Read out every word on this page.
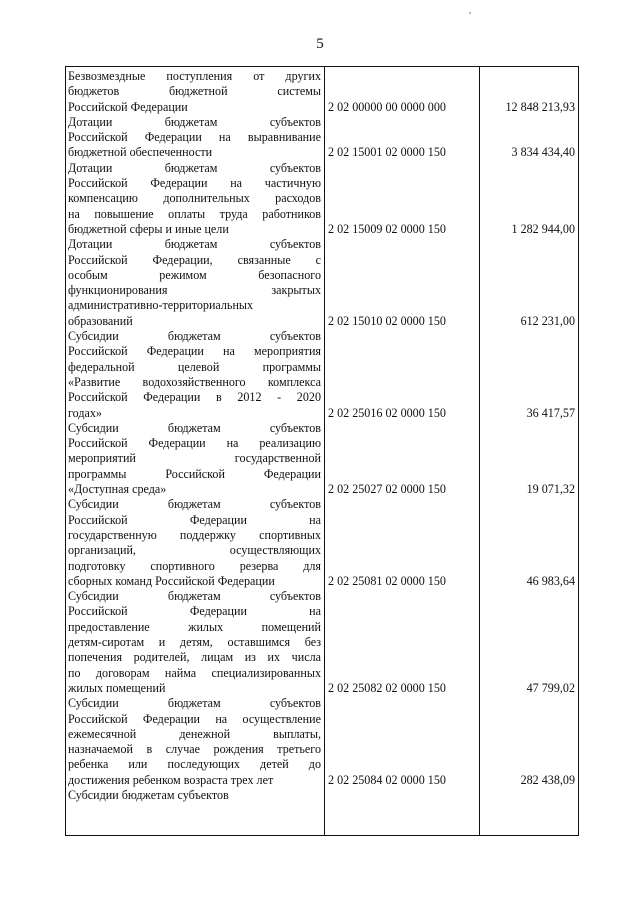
5
Безвозмездные поступления от других
бюджетов бюджетной системы
Российской Федерации	2 02 00000 00 0000 000	12 848 213,93
Дотации бюджетам субъектов
Российской Федерации на выравнивание
бюджетной обеспеченности	2 02 15001 02 0000 150	3 834 434,40
Дотации бюджетам субъектов
Российской Федерации на частичную
компенсацию дополнительных расходов
на повышение оплаты труда работников
бюджетной сферы и иные цели	2 02 15009 02 0000 150	1 282 944,00
Дотации бюджетам субъектов
Российской Федерации, связанные с
особым режимом безопасного
функционирования закрытых
административно-территориальных
образований	2 02 15010 02 0000 150	612 231,00
Субсидии бюджетам субъектов
Российской Федерации на мероприятия
федеральной целевой программы
«Развитие водохозяйственного комплекса
Российской Федерации в 2012 - 2020
годах»	2 02 25016 02 0000 150	36 417,57
Субсидии бюджетам субъектов
Российской Федерации на реализацию
мероприятий государственной
программы Российской Федерации
«Доступная среда»	2 02 25027 02 0000 150	19 071,32
Субсидии бюджетам субъектов
Российской Федерации на
государственную поддержку спортивных
организаций, осуществляющих
подготовку спортивного резерва для
сборных команд Российской Федерации	2 02 25081 02 0000 150	46 983,64
Субсидии бюджетам субъектов
Российской Федерации на
предоставление жилых помещений
детям-сиротам и детям, оставшимся без
попечения родителей, лицам из их числа
по договорам найма специализированных
жилых помещений	2 02 25082 02 0000 150	47 799,02
Субсидии бюджетам субъектов
Российской Федерации на осуществление
ежемесячной денежной выплаты,
назначаемой в случае рождения третьего
ребенка или последующих детей до
достижения ребенком возраста трех лет	2 02 25084 02 0000 150	282 438,09
Субсидии бюджетам субъектов
